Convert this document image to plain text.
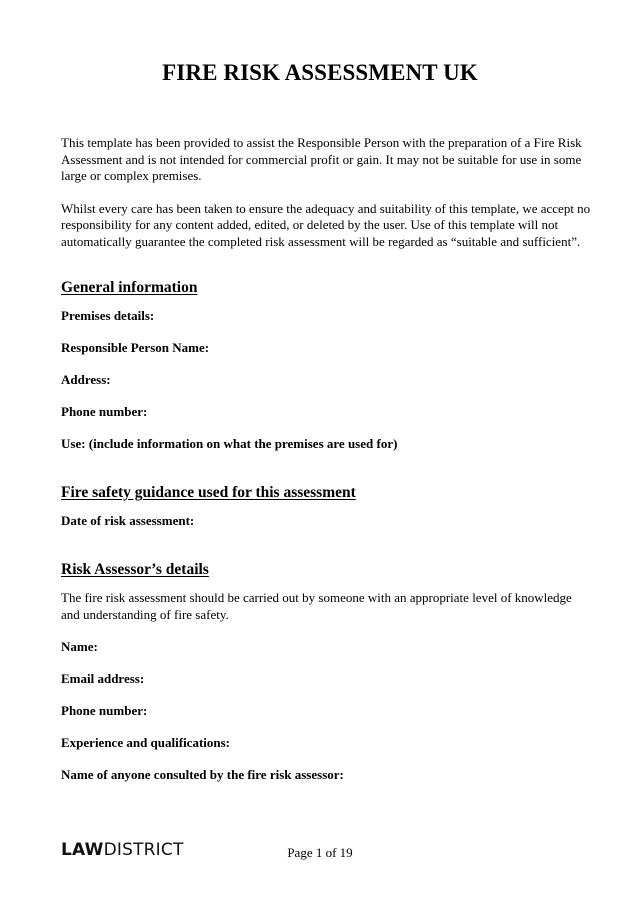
FIRE RISK ASSESSMENT UK

This template has been provided to assist the Responsible Person with the preparation of a Fire Risk Assessment and is not intended for commercial profit or gain. It may not be suitable for use in some large or complex premises.

Whilst every care has been taken to ensure the adequacy and suitability of this template, we accept no responsibility for any content added, edited, or deleted by the user. Use of this template will not automatically guarantee the completed risk assessment will be regarded as “suitable and sufficient”.

General information

Premises details:

Responsible Person Name:

Address:

Phone number:

Use: (include information on what the premises are used for)

Fire safety guidance used for this assessment

Date of risk assessment:

Risk Assessor’s details

The fire risk assessment should be carried out by someone with an appropriate level of knowledge and understanding of fire safety.

Name:

Email address:

Phone number:

Experience and qualifications:

Name of anyone consulted by the fire risk assessor:

LAWDISTRICT	Page 1 of 19
